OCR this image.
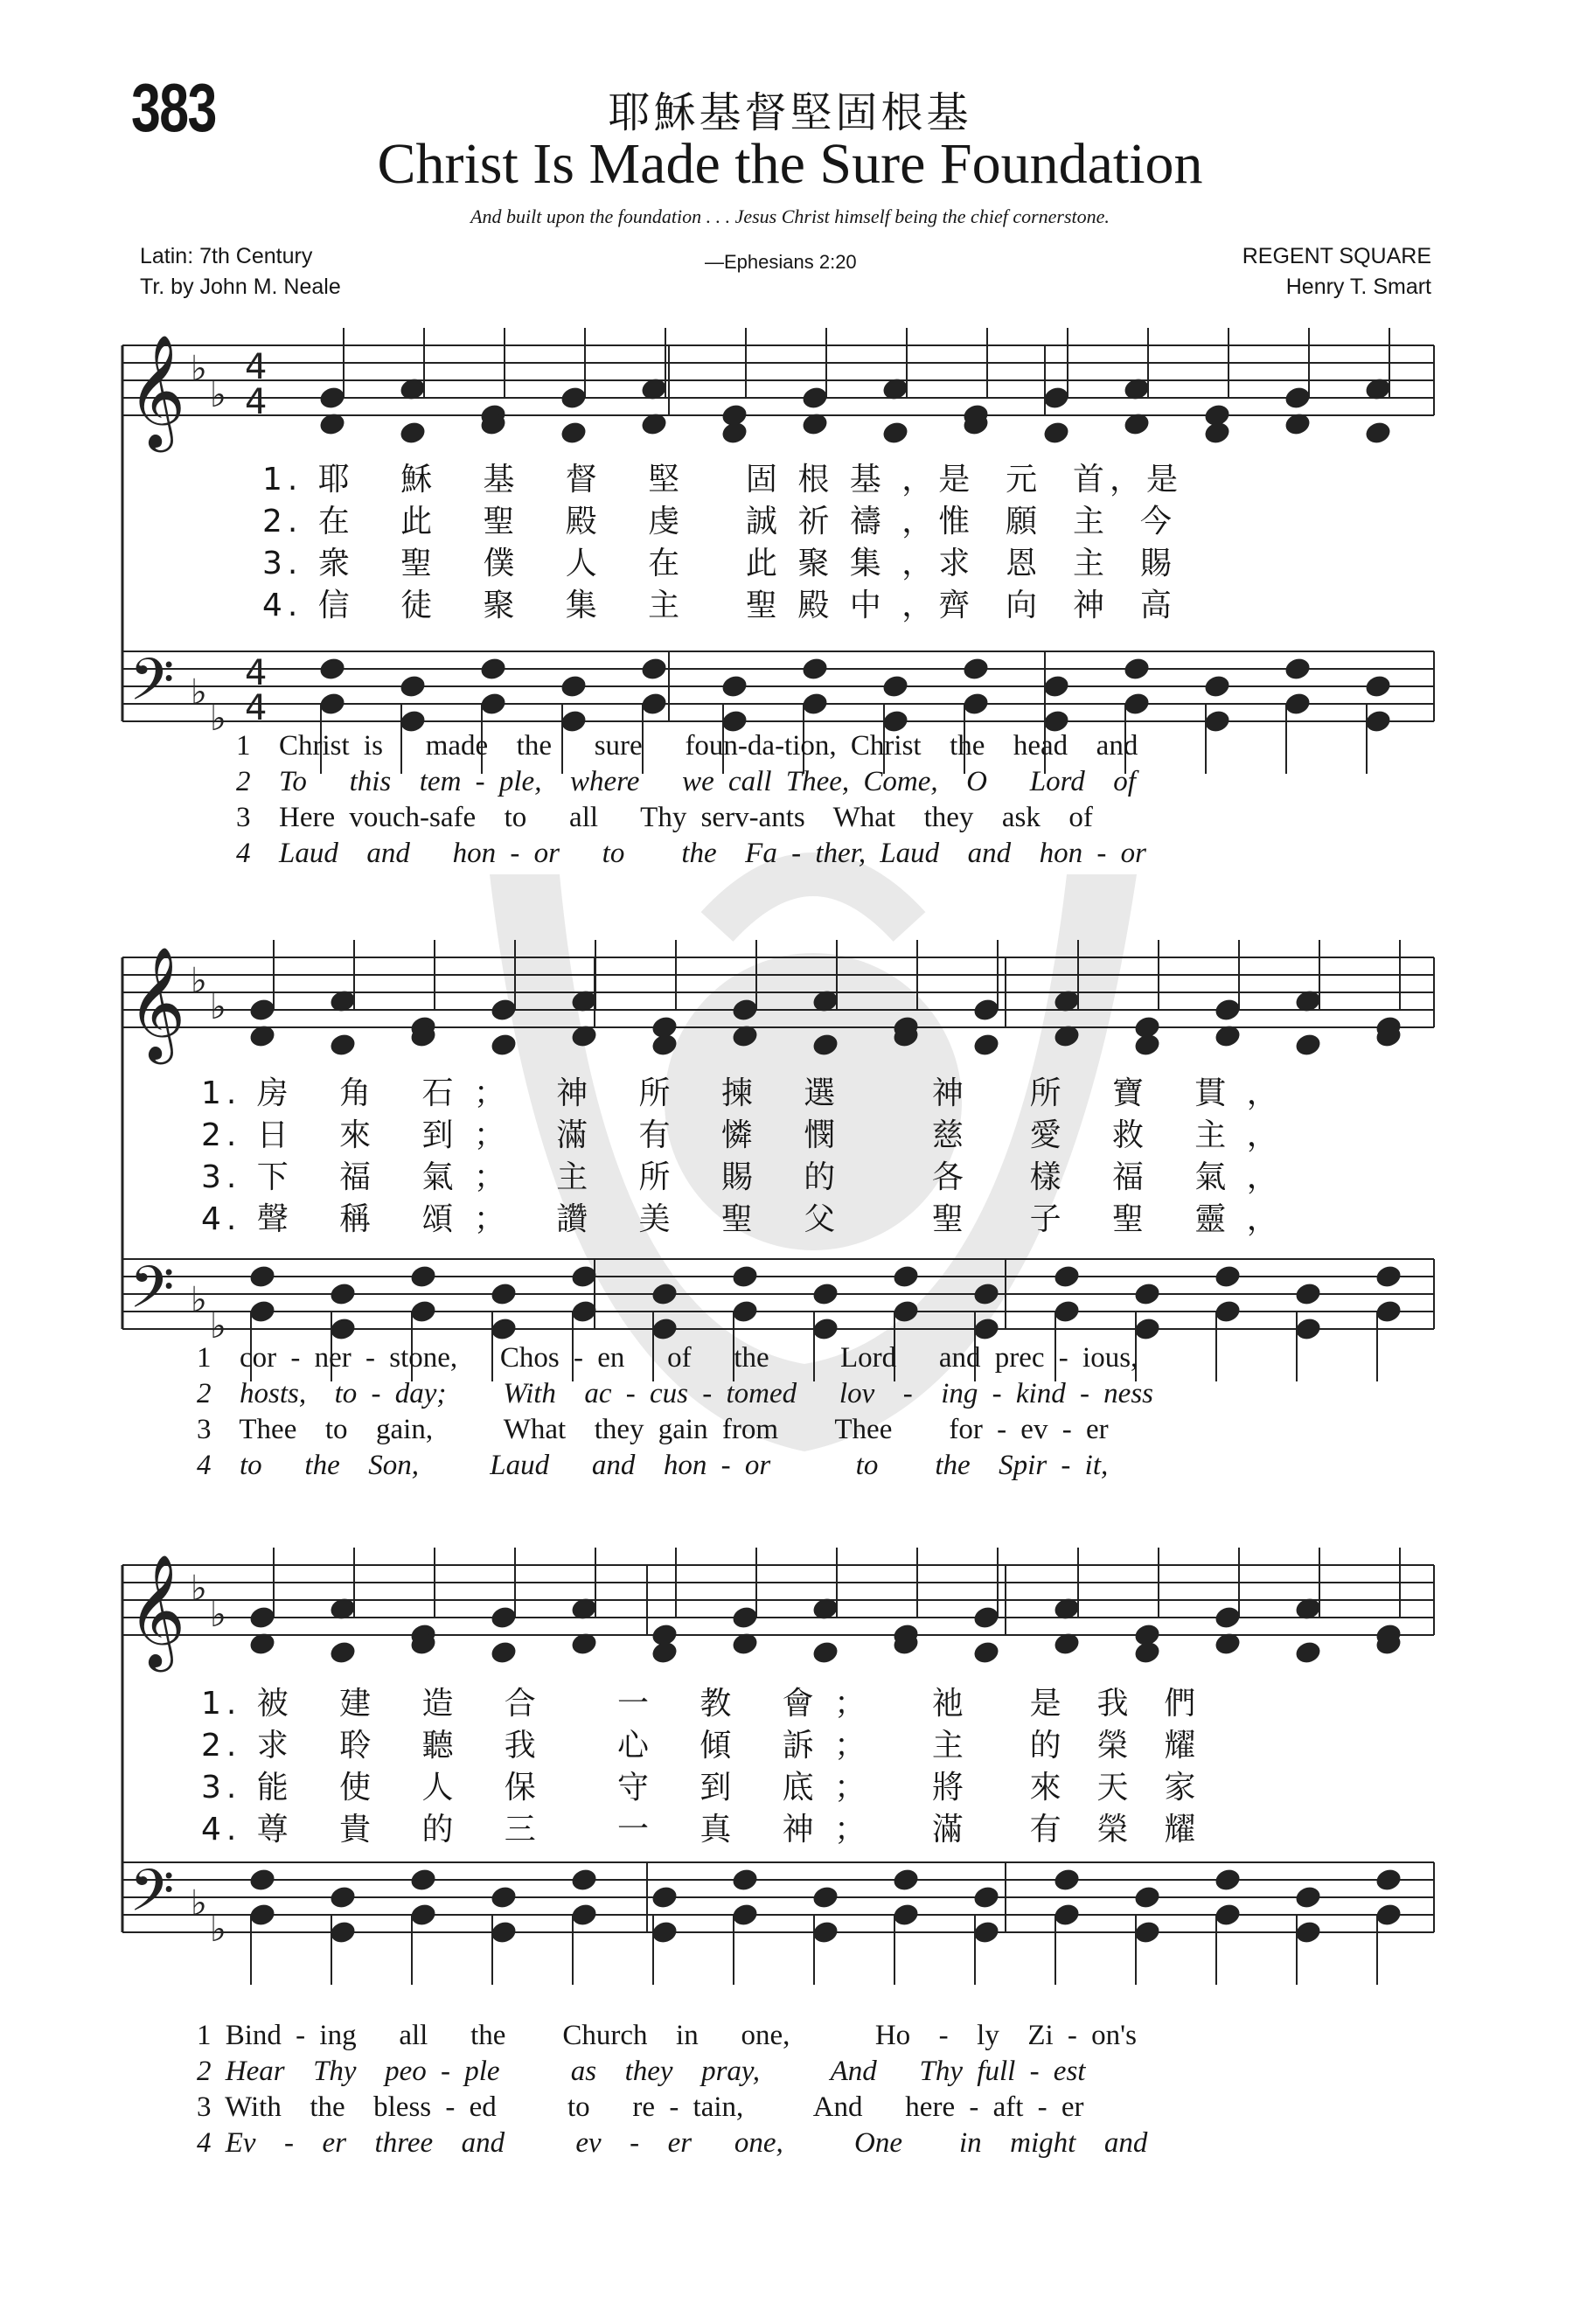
383	耶穌基督堅固根基
Christ Is Made the Sure Foundation
And built upon the foundation . . . Jesus Christ himself being the chief cornerstone.
Latin: 7th Century
Tr. by John M. Neale
—Ephesians 2:20	REGENT SQUARE
Henry T. Smart
𝄞
𝄢
♭
♭
♭
♭
4
4
4
4
𝄞
𝄢
♭
♭
♭
♭
𝄞
𝄢
♭
♭
♭
♭
1. 耶   穌   基   督   堅    固 根 基 ，是  元  首，是
2. 在   此   聖   殿   虔    誠 祈 禱 ，惟  願  主  今
3. 衆   聖   僕   人   在    此 聚 集 ，求  恩  主  賜
4. 信   徒   聚   集   主    聖 殿 中 ，齊  向  神  高
1  Christ is   made  the   sure   foun-da-tion, Christ  the  head  and
2  To   this  tem - ple,  where   we call Thee, Come,  O   Lord  of
3  Here vouch-safe  to   all   Thy serv-ants  What  they  ask  of
4  Laud  and   hon - or   to    the  Fa - ther, Laud  and  hon - or
1. 房   角   石 ；   神   所   揀   選      神    所   寶   貫 ，
2. 日   來   到 ；   滿   有   憐   憫      慈    愛   救   主 ，
3. 下   福   氣 ；   主   所   賜   的      各    樣   福   氣 ，
4. 聲   稱   頌 ；   讚   美   聖   父      聖    子   聖   靈 ，
1  cor - ner - stone,   Chos - en   of   the     Lord   and prec - ious,
2  hosts,  to - day;    With  ac - cus - tomed   lov  -  ing - kind - ness
3  Thee  to  gain,     What  they gain from    Thee    for - ev - er
4  to   the  Son,     Laud   and  hon - or      to    the  Spir - it,
1. 被   建   造   合     一   教   會 ；    祂    是  我  們
2. 求   聆   聽   我     心   傾   訴 ；    主    的  榮  耀
3. 能   使   人   保     守   到   底 ；    將    來  天  家
4. 尊   貴   的   三     一   真   神 ；    滿    有  榮  耀
1 Bind - ing   all   the    Church  in   one,      Ho  -  ly  Zi - on's
2 Hear  Thy  peo - ple     as  they  pray,     And   Thy full - est
3 With  the  bless - ed     to   re - tain,     And   here - aft - er
4 Ev  -  er  three  and     ev  -  er   one,     One    in  might  and
